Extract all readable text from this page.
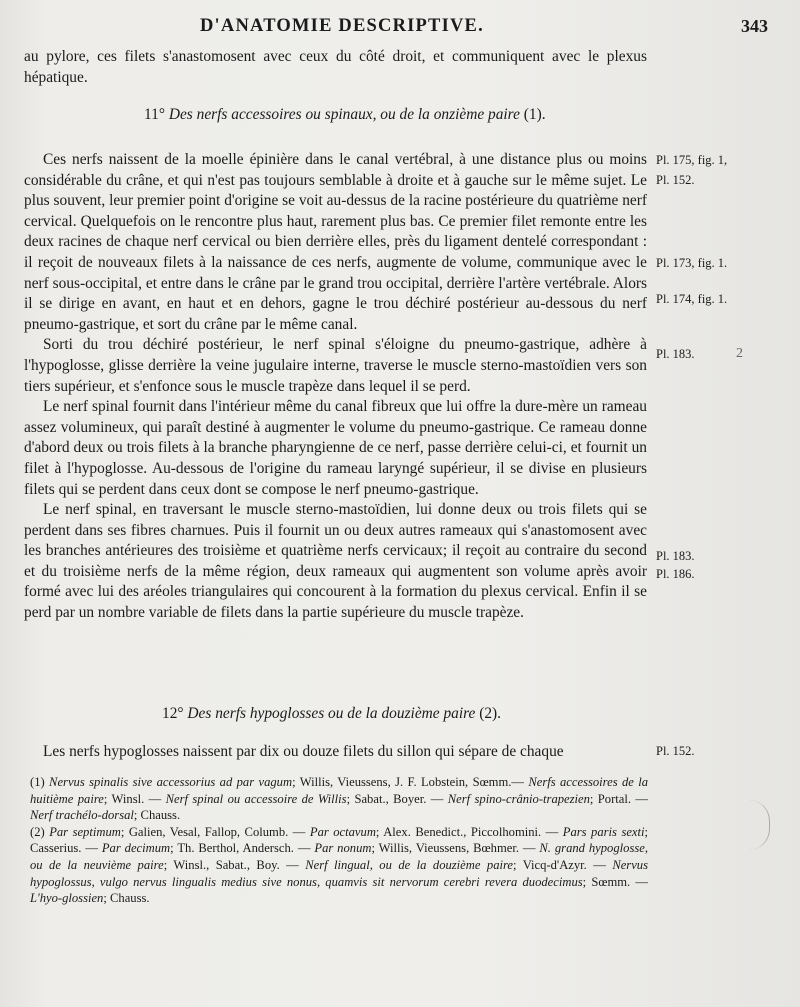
D'ANATOMIE DESCRIPTIVE.	343

au pylore, ces filets s'anastomosent avec ceux du côté droit, et communiquent avec le plexus hépatique.

11° Des nerfs accessoires ou spinaux, ou de la onzième paire (1).

Ces nerfs naissent de la moelle épinière dans le canal vertébral, à une distance plus ou moins considérable du crâne, et qui n'est pas toujours semblable à droite et à gauche sur le même sujet. Le plus souvent, leur premier point d'origine se voit au-dessus de la racine postérieure du quatrième nerf cervical. Quelquefois on le rencontre plus haut, rarement plus bas. Ce premier filet remonte entre les deux racines de chaque nerf cervical ou bien derrière elles, près du ligament dentelé correspondant : il reçoit de nouveaux filets à la naissance de ces nerfs, augmente de volume, communique avec le nerf sous-occipital, et entre dans le crâne par le grand trou occipital, derrière l'artère vertébrale. Alors il se dirige en avant, en haut et en dehors, gagne le trou déchiré postérieur au-dessous du nerf pneumo-gastrique, et sort du crâne par le même canal.

Sorti du trou déchiré postérieur, le nerf spinal s'éloigne du pneumo-gastrique, adhère à l'hypoglosse, glisse derrière la veine jugulaire interne, traverse le muscle sterno-mastoïdien vers son tiers supérieur, et s'enfonce sous le muscle trapèze dans lequel il se perd.

Le nerf spinal fournit dans l'intérieur même du canal fibreux que lui offre la dure-mère un rameau assez volumineux, qui paraît destiné à augmenter le volume du pneumo-gastrique. Ce rameau donne d'abord deux ou trois filets à la branche pharyngienne de ce nerf, passe derrière celui-ci, et fournit un filet à l'hypoglosse. Au-dessous de l'origine du rameau laryngé supérieur, il se divise en plusieurs filets qui se perdent dans ceux dont se compose le nerf pneumo-gastrique.

Le nerf spinal, en traversant le muscle sterno-mastoïdien, lui donne deux ou trois filets qui se perdent dans ses fibres charnues. Puis il fournit un ou deux autres rameaux qui s'anastomosent avec les branches antérieures des troisième et quatrième nerfs cervicaux; il reçoit au contraire du second et du troisième nerfs de la même région, deux rameaux qui augmentent son volume après avoir formé avec lui des aréoles triangulaires qui concourent à la formation du plexus cervical. Enfin il se perd par un nombre variable de filets dans la partie supérieure du muscle trapèze.

12° Des nerfs hypoglosses ou de la douzième paire (2).

Les nerfs hypoglosses naissent par dix ou douze filets du sillon qui sépare de chaque

Pl. 175, fig. 1,
Pl. 152.
Pl. 173, fig. 1.
Pl. 174, fig. 1.
Pl. 183.
Pl. 183.
Pl. 186.
Pl. 152.
2

(1) Nervus spinalis sive accessorius ad par vagum; Willis, Vieussens, J. F. Lobstein, Sœmm.— Nerfs accessoires de la huitième paire; Winsl. — Nerf spinal ou accessoire de Willis; Sabat., Boyer. — Nerf spino-crânio-trapezien; Portal. — Nerf trachélo-dorsal; Chauss.

(2) Par septimum; Galien, Vesal, Fallop, Columb. — Par octavum; Alex. Benedict., Piccolhomini. — Pars paris sexti; Casserius. — Par decimum; Th. Berthol, Andersch. — Par nonum; Willis, Vieussens, Bœhmer. — N. grand hypoglosse, ou de la neuvième paire; Winsl., Sabat., Boy. — Nerf lingual, ou de la douzième paire; Vicq-d'Azyr. — Nervus hypoglossus, vulgo nervus lingualis medius sive nonus, quamvis sit nervorum cerebri revera duodecimus; Sœmm. — L'hyo-glossien; Chauss.
